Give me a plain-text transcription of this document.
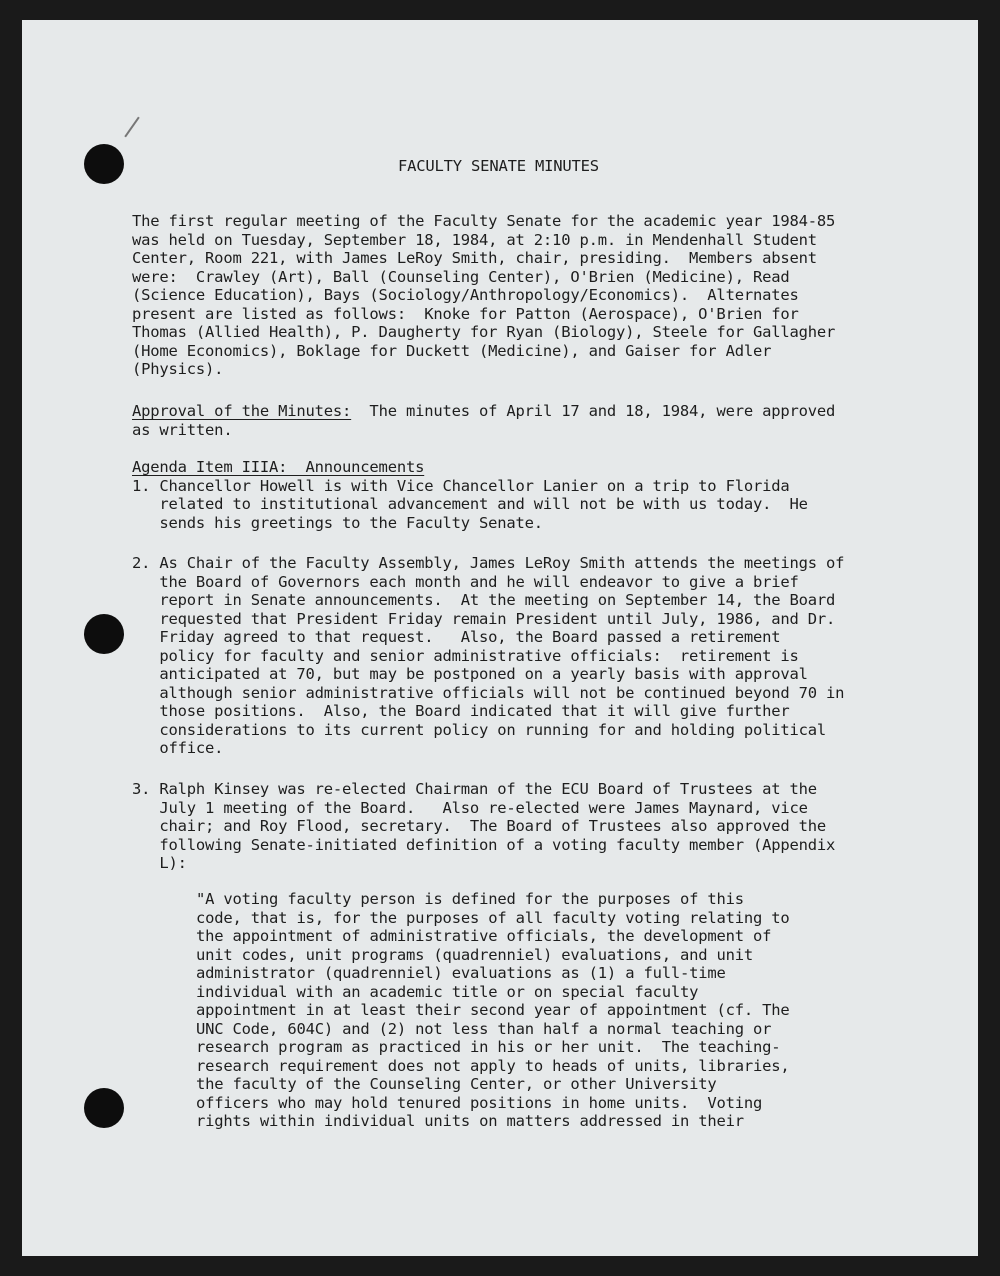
FACULTY SENATE MINUTES
The first regular meeting of the Faculty Senate for the academic year 1984-85
was held on Tuesday, September 18, 1984, at 2:10 p.m. in Mendenhall Student
Center, Room 221, with James LeRoy Smith, chair, presiding.  Members absent
were:  Crawley (Art), Ball (Counseling Center), O'Brien (Medicine), Read
(Science Education), Bays (Sociology/Anthropology/Economics).  Alternates
present are listed as follows:  Knoke for Patton (Aerospace), O'Brien for
Thomas (Allied Health), P. Daugherty for Ryan (Biology), Steele for Gallagher
(Home Economics), Boklage for Duckett (Medicine), and Gaiser for Adler
(Physics).
Approval of the Minutes:  The minutes of April 17 and 18, 1984, were approved
as written.
Agenda Item IIIA:  Announcements
1. Chancellor Howell is with Vice Chancellor Lanier on a trip to Florida
related to institutional advancement and will not be with us today.  He
sends his greetings to the Faculty Senate.
2. As Chair of the Faculty Assembly, James LeRoy Smith attends the meetings of
the Board of Governors each month and he will endeavor to give a brief
report in Senate announcements.  At the meeting on September 14, the Board
requested that President Friday remain President until July, 1986, and Dr.
Friday agreed to that request.   Also, the Board passed a retirement
policy for faculty and senior administrative officials:  retirement is
anticipated at 70, but may be postponed on a yearly basis with approval
although senior administrative officials will not be continued beyond 70 in
those positions.  Also, the Board indicated that it will give further
considerations to its current policy on running for and holding political
office.
3. Ralph Kinsey was re-elected Chairman of the ECU Board of Trustees at the
July 1 meeting of the Board.   Also re-elected were James Maynard, vice
chair; and Roy Flood, secretary.  The Board of Trustees also approved the
following Senate-initiated definition of a voting faculty member (Appendix
L):
"A voting faculty person is defined for the purposes of this
code, that is, for the purposes of all faculty voting relating to
the appointment of administrative officials, the development of
unit codes, unit programs (quadrenniel) evaluations, and unit
administrator (quadrenniel) evaluations as (1) a full-time
individual with an academic title or on special faculty
appointment in at least their second year of appointment (cf. The
UNC Code, 604C) and (2) not less than half a normal teaching or
research program as practiced in his or her unit.  The teaching-
research requirement does not apply to heads of units, libraries,
the faculty of the Counseling Center, or other University
officers who may hold tenured positions in home units.  Voting
rights within individual units on matters addressed in their
